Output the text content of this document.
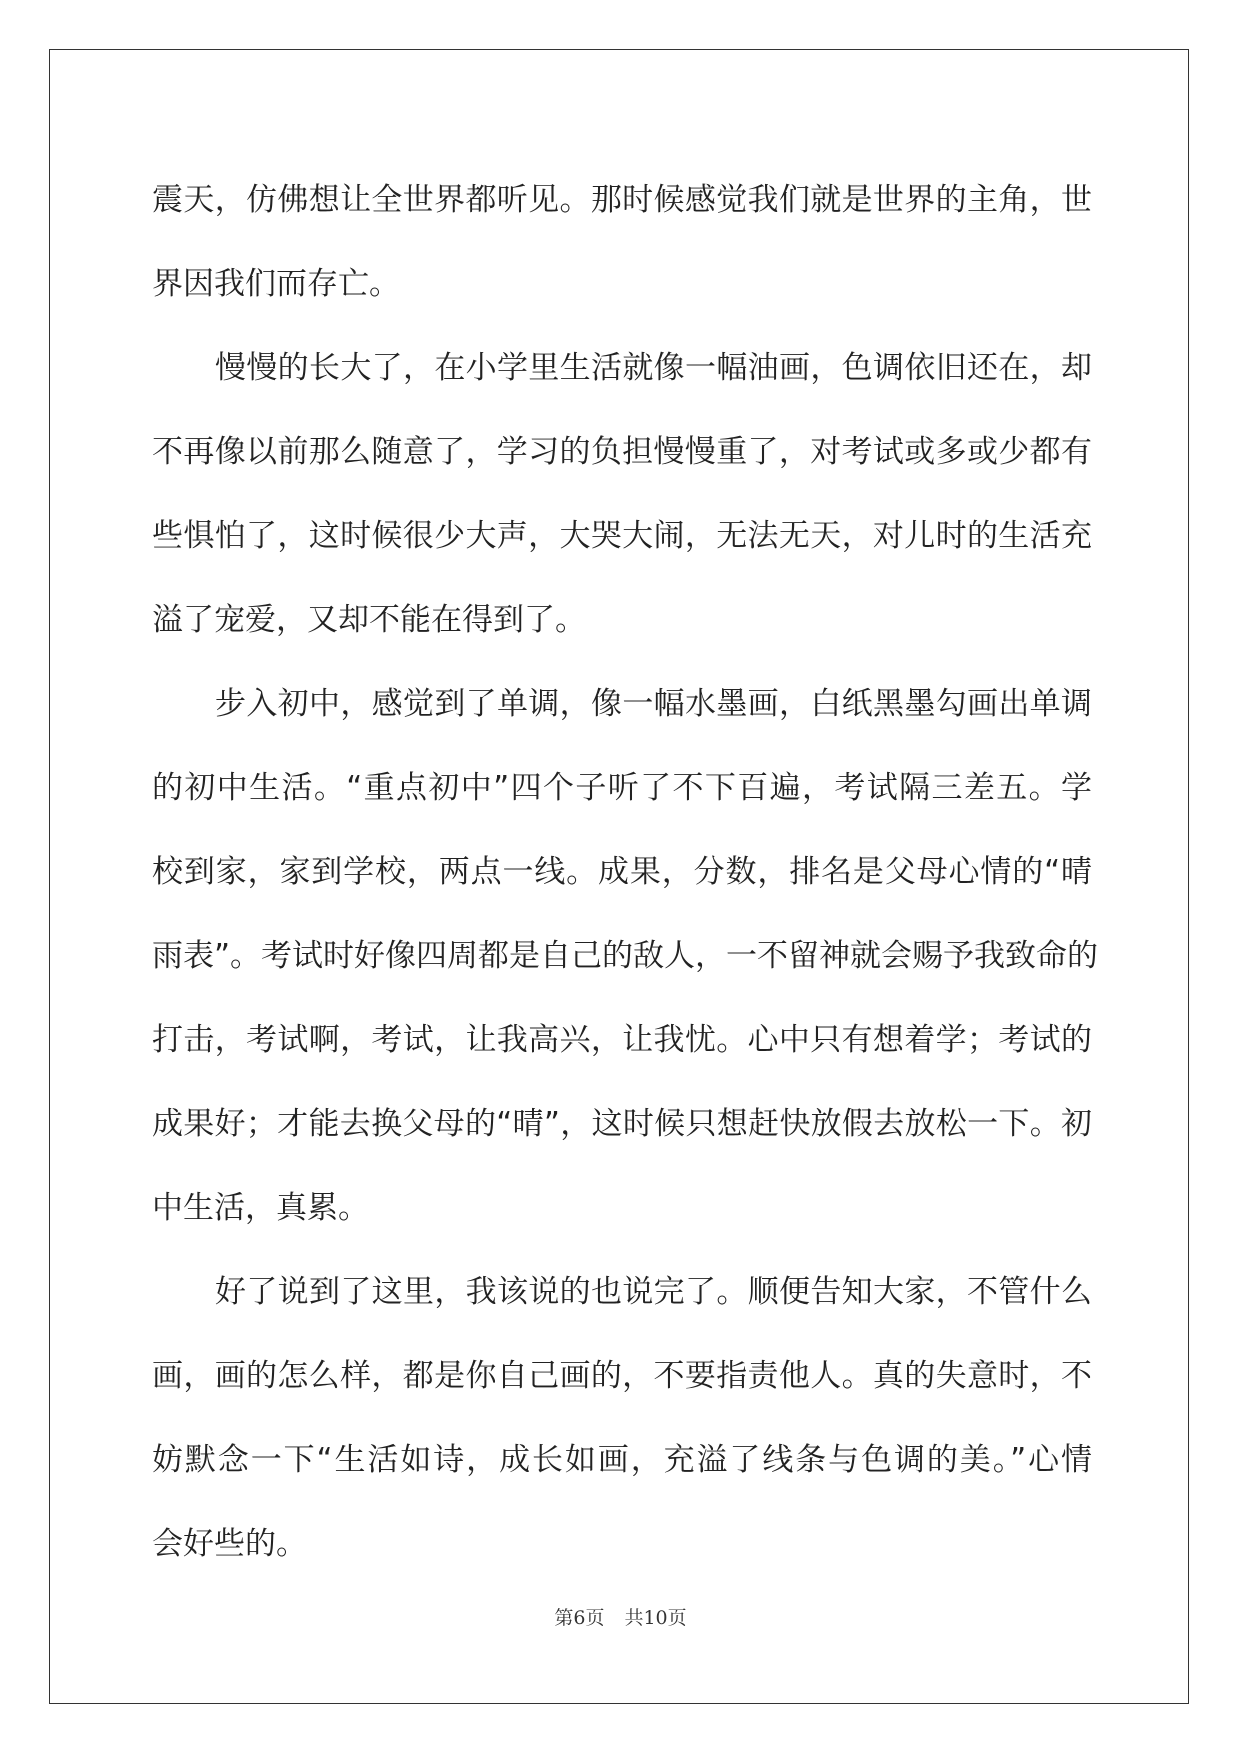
震天，仿佛想让全世界都听见。那时候感觉我们就是世界的主角，世
界因我们而存亡。
慢慢的长大了，在小学里生活就像一幅油画，色调依旧还在，却
不再像以前那么随意了，学习的负担慢慢重了，对考试或多或少都有
些惧怕了，这时候很少大声，大哭大闹，无法无天，对儿时的生活充
溢了宠爱，又却不能在得到了。
步入初中，感觉到了单调，像一幅水墨画，白纸黑墨勾画出单调
的初中生活。“重点初中”四个子听了不下百遍，考试隔三差五。学
校到家，家到学校，两点一线。成果，分数，排名是父母心情的“晴
雨表”。考试时好像四周都是自己的敌人，一不留神就会赐予我致命的
打击，考试啊，考试，让我高兴，让我忧。心中只有想着学；考试的
成果好；才能去换父母的“晴”，这时候只想赶快放假去放松一下。初
中生活，真累。
好了说到了这里，我该说的也说完了。顺便告知大家，不管什么
画，画的怎么样，都是你自己画的，不要指责他人。真的失意时，不
妨默念一下“生活如诗，成长如画，充溢了线条与色调的美。”心情
会好些的。
第6页 共10页
